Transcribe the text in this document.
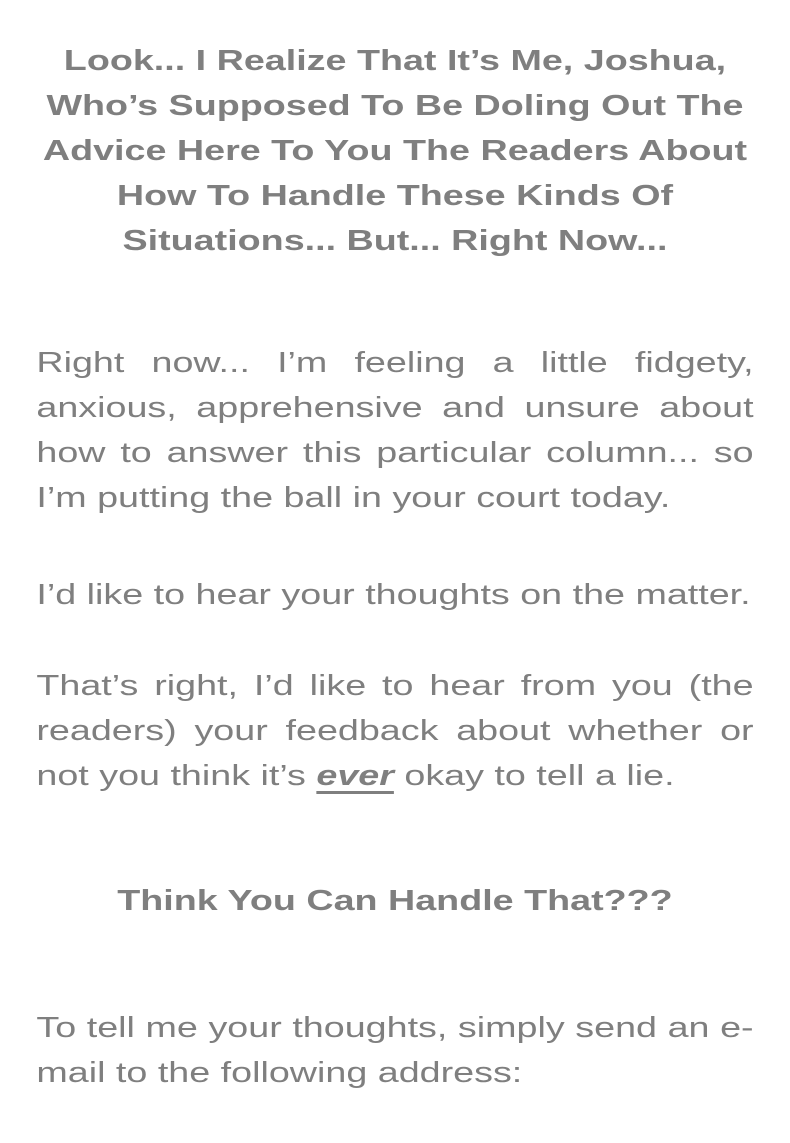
Look... I Realize That It’s Me, Joshua, Who’s Supposed To Be Doling Out The Advice Here To You The Readers About How To Handle These Kinds Of Situations... But... Right Now...

Right now... I’m feeling a little fidgety, anxious, apprehensive and unsure about how to answer this particular column... so I’m putting the ball in your court today.

I’d like to hear your thoughts on the matter.

That’s right, I’d like to hear from you (the readers) your feedback about whether or not you think it’s ever okay to tell a lie.

Think You Can Handle That???

To tell me your thoughts, simply send an e-mail to the following address:
